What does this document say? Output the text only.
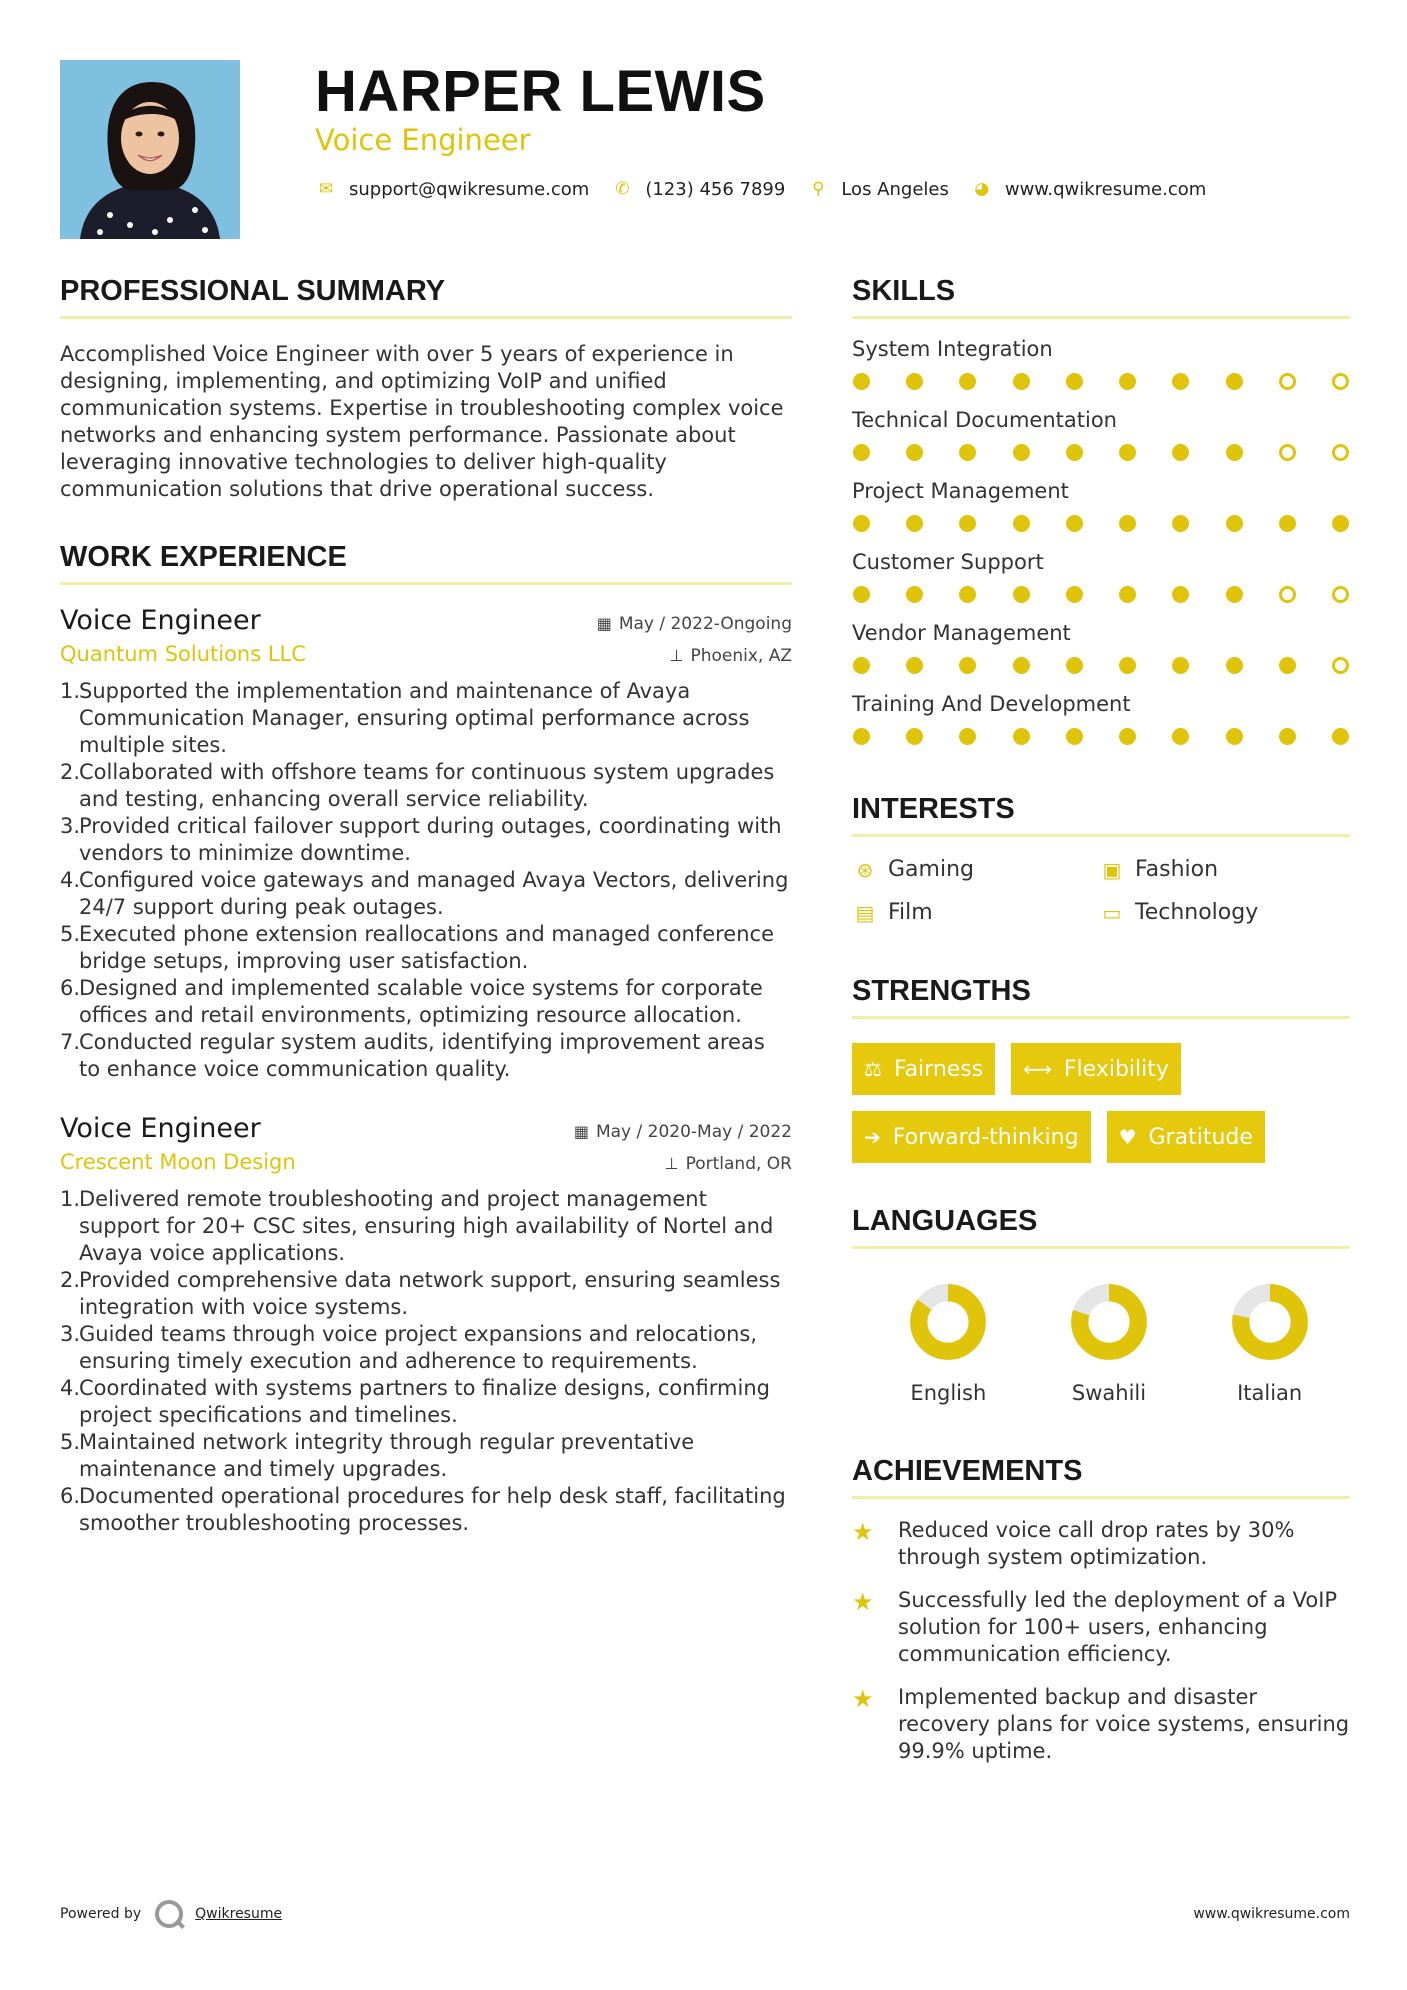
HARPER LEWIS
Voice Engineer
✉ support@qwikresume.com ✆ (123) 456 7899 ⚲ Los Angeles ◕ www.qwikresume.com
PROFESSIONAL SUMMARY

Accomplished Voice Engineer with over 5 years of experience in designing, implementing, and optimizing VoIP and unified communication systems. Expertise in troubleshooting complex voice networks and enhancing system performance. Passionate about leveraging innovative technologies to deliver high-quality communication solutions that drive operational success.

WORK EXPERIENCE
Voice Engineer	▦ May / 2022-Ongoing
Quantum Solutions LLC	⊥ Phoenix, AZ
1.
Supported the implementation and maintenance of Avaya Communication Manager, ensuring optimal performance across multiple sites.
2.
Collaborated with offshore teams for continuous system upgrades and testing, enhancing overall service reliability.
3.
Provided critical failover support during outages, coordinating with vendors to minimize downtime.
4.
Configured voice gateways and managed Avaya Vectors, delivering 24/7 support during peak outages.
5.
Executed phone extension reallocations and managed conference bridge setups, improving user satisfaction.
6.
Designed and implemented scalable voice systems for corporate offices and retail environments, optimizing resource allocation.
7.
Conducted regular system audits, identifying improvement areas to enhance voice communication quality.
Voice Engineer	▦ May / 2020-May / 2022
Crescent Moon Design	⊥ Portland, OR
1.
Delivered remote troubleshooting and project management support for 20+ CSC sites, ensuring high availability of Nortel and Avaya voice applications.
2.
Provided comprehensive data network support, ensuring seamless integration with voice systems.
3.
Guided teams through voice project expansions and relocations, ensuring timely execution and adherence to requirements.
4.
Coordinated with systems partners to finalize designs, confirming project specifications and timelines.
5.
Maintained network integrity through regular preventative maintenance and timely upgrades.
6.
Documented operational procedures for help desk staff, facilitating smoother troubleshooting processes.
SKILLS
System Integration
Technical Documentation
Project Management
Customer Support
Vendor Management
Training And Development
INTERESTS
⊛ Gaming	▣ Fashion
▤ Film	▭ Technology
STRENGTHS
⚖ Fairness ⟷ Flexibility
➔ Forward-thinking ♥ Gratitude
LANGUAGES
English	Swahili	Italian
ACHIEVEMENTS
★	Reduced voice call drop rates by 30% through system optimization.
★	Successfully led the deployment of a VoIP solution for 100+ users, enhancing communication efficiency.
★	Implemented backup and disaster recovery plans for voice systems, ensuring 99.9% uptime.
Powered by	Qwikresume	www.qwikresume.com
